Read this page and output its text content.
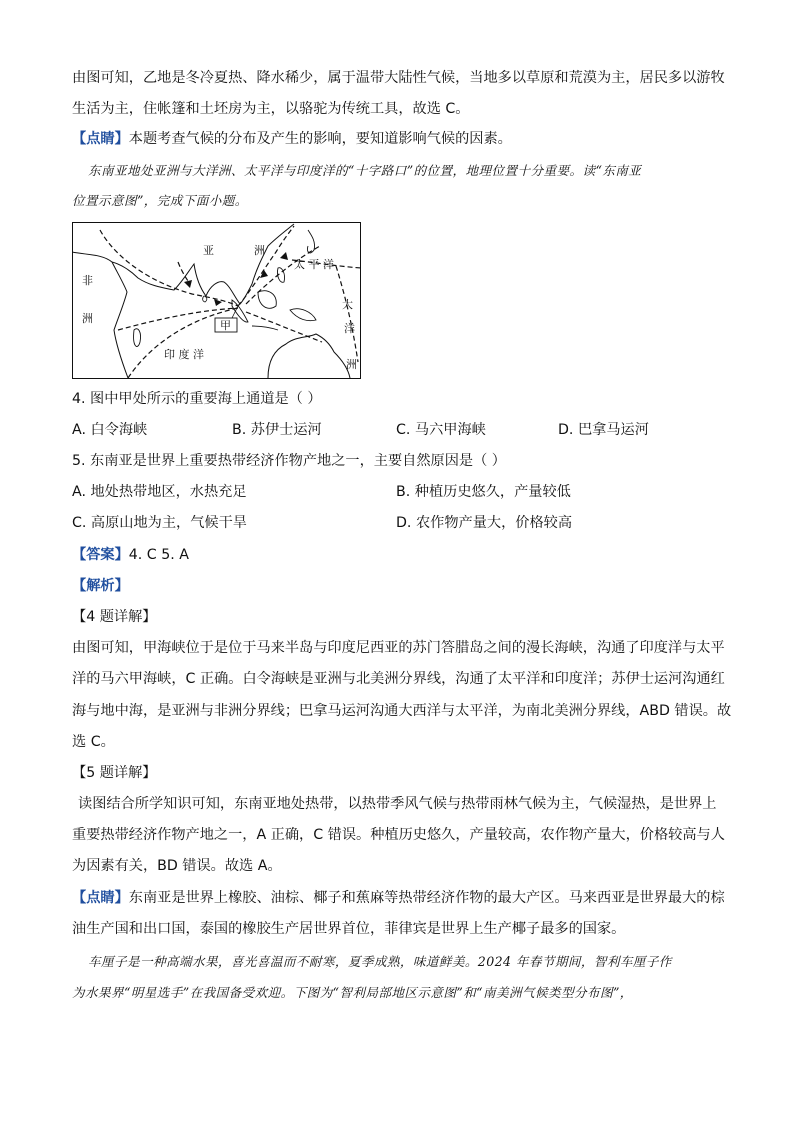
由图可知，乙地是冬冷夏热、降水稀少，属于温带大陆性气候，当地多以草原和荒漠为主，居民多以游牧
生活为主，住帐篷和土坯房为主，以骆驼为传统工具，故选 C。
【点睛】本题考查气候的分布及产生的影响，要知道影响气候的因素。
东南亚地处亚洲与大洋洲、太平洋与印度洋的“十字路口”的位置，地理位置十分重要。读“东南亚
位置示意图”，完成下面小题。
甲
亚	洲
太 平 洋
非
洲
大
洋
洲
印 度 洋
4. 图中甲处所示的重要海上通道是（ ）
A. 白令海峡	B. 苏伊士运河	C. 马六甲海峡	D. 巴拿马运河
5. 东南亚是世界上重要热带经济作物产地之一，主要自然原因是（ ）
A. 地处热带地区，水热充足	B. 种植历史悠久，产量较低
C. 高原山地为主，气候干旱	D. 农作物产量大，价格较高
【答案】4. C 5. A
【解析】
【4 题详解】
由图可知，甲海峡位于是位于马来半岛与印度尼西亚的苏门答腊岛之间的漫长海峡，沟通了印度洋与太平
洋的马六甲海峡，C 正确。白令海峡是亚洲与北美洲分界线，沟通了太平洋和印度洋；苏伊士运河沟通红
海与地中海，是亚洲与非洲分界线；巴拿马运河沟通大西洋与太平洋，为南北美洲分界线，ABD 错误。故
选 C。
【5 题详解】
读图结合所学知识可知，东南亚地处热带，以热带季风气候与热带雨林气候为主，气候湿热，是世界上
重要热带经济作物产地之一，A 正确，C 错误。种植历史悠久，产量较高，农作物产量大，价格较高与人
为因素有关，BD 错误。故选 A。
【点睛】东南亚是世界上橡胶、油棕、椰子和蕉麻等热带经济作物的最大产区。马来西亚是世界最大的棕
油生产国和出口国，泰国的橡胶生产居世界首位，菲律宾是世界上生产椰子最多的国家。
车厘子是一种高端水果，喜光喜温而不耐寒，夏季成熟，味道鲜美。2024 年春节期间，智利车厘子作
为水果界“明星选手”在我国备受欢迎。下图为“智利局部地区示意图”和“南美洲气候类型分布图”，
